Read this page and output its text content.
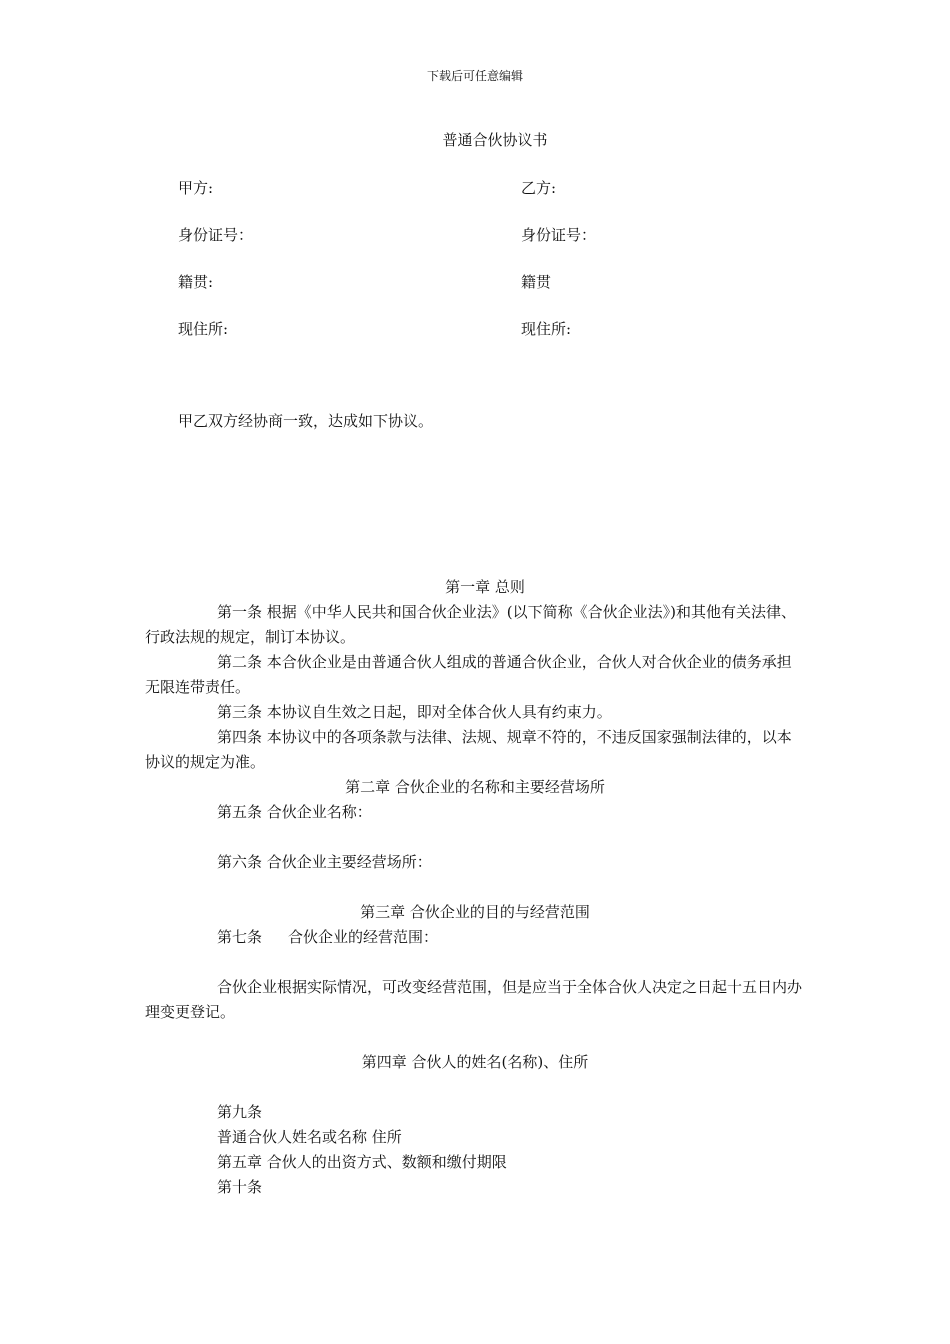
下载后可任意编辑
普通合伙协议书
甲方:	乙方:
身份证号：	身份证号：
籍贯:	籍贯
现住所:	现住所:
甲乙双方经协商一致，达成如下协议。

第一章 总则

第一条 根据《中华人民共和国合伙企业法》(以下简称《合伙企业法》)和其他有关法律、行政法规的规定，制订本协议。

第二条 本合伙企业是由普通合伙人组成的普通合伙企业，合伙人对合伙企业的债务承担无限连带责任。

第三条 本协议自生效之日起，即对全体合伙人具有约束力。

第四条 本协议中的各项条款与法律、法规、规章不符的，不违反国家强制法律的，以本协议的规定为准。

第二章 合伙企业的名称和主要经营场所

第五条 合伙企业名称：

第六条 合伙企业主要经营场所：

第三章 合伙企业的目的与经营范围

第七条 合伙企业的经营范围：

合伙企业根据实际情况，可改变经营范围，但是应当于全体合伙人决定之日起十五日内办理变更登记。

第四章 合伙人的姓名(名称)、住所

第九条

普通合伙人姓名或名称 住所

第五章 合伙人的出资方式、数额和缴付期限

第十条
